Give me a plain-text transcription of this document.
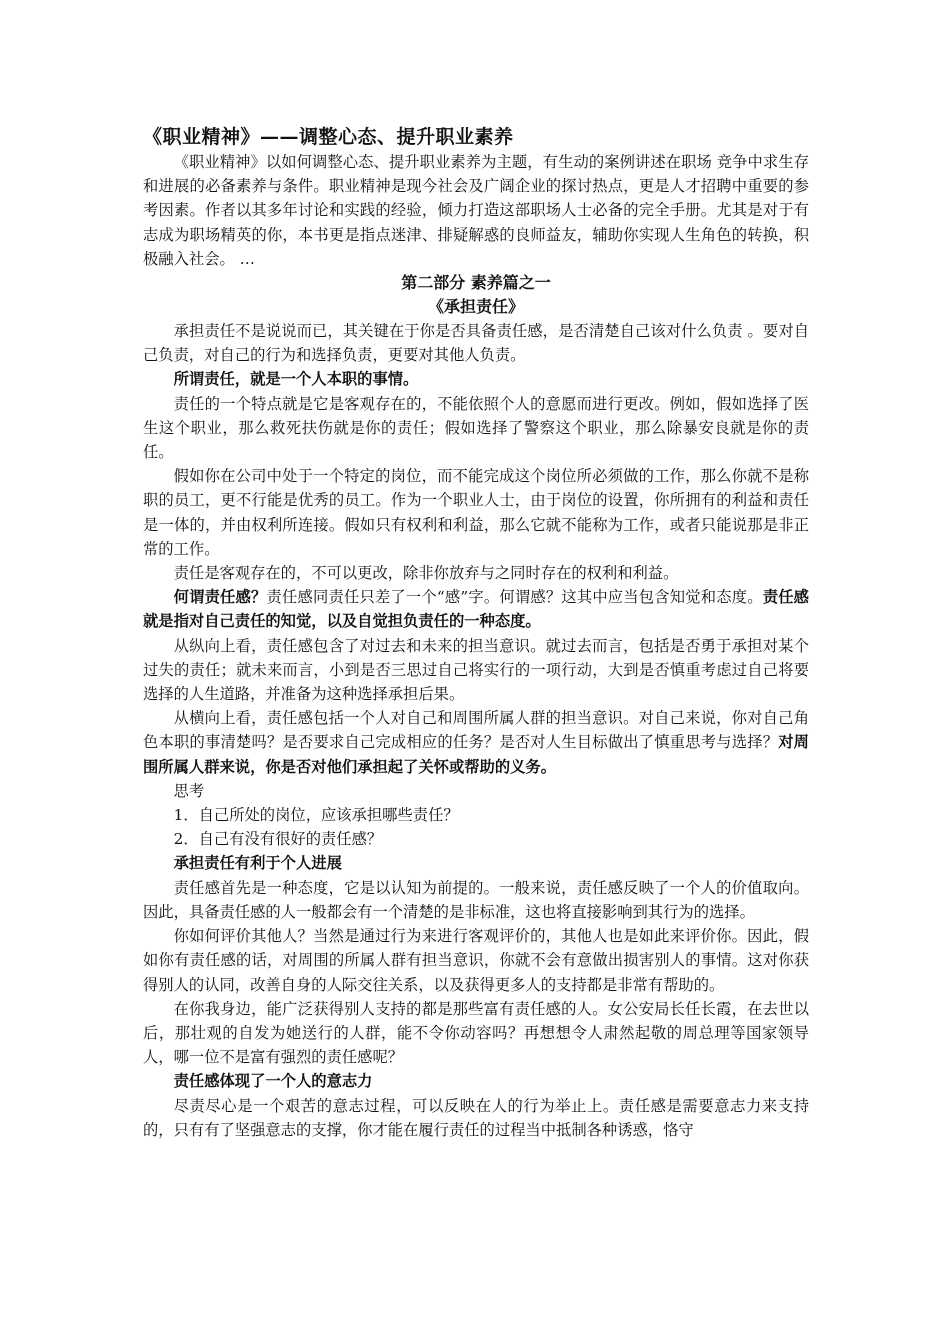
《职业精神》——调整心态、提升职业素养

《职业精神》以如何调整心态、提升职业素养为主题，有生动的案例讲述在职场 竞争中求生存和进展的必备素养与条件。职业精神是现今社会及广阔企业的探讨热点，更是人才招聘中重要的参考因素。作者以其多年讨论和实践的经验，倾力打造这部职场人士必备的完全手册。尤其是对于有志成为职场精英的你，本书更是指点迷津、排疑解惑的良师益友，辅助你实现人生角色的转换，积极融入社会。 …

第二部分 素养篇之一

《承担责任》

承担责任不是说说而已，其关键在于你是否具备责任感，是否清楚自己该对什么负责 。要对自己负责，对自己的行为和选择负责，更要对其他人负责。

所谓责任，就是一个人本职的事情。

责任的一个特点就是它是客观存在的，不能依照个人的意愿而进行更改。例如，假如选择了医生这个职业，那么救死扶伤就是你的责任；假如选择了警察这个职业，那么除暴安良就是你的责任。

假如你在公司中处于一个特定的岗位，而不能完成这个岗位所必须做的工作，那么你就不是称职的员工，更不行能是优秀的员工。作为一个职业人士，由于岗位的设置，你所拥有的利益和责任是一体的，并由权利所连接。假如只有权利和利益，那么它就不能称为工作，或者只能说那是非正常的工作。

责任是客观存在的，不可以更改，除非你放弃与之同时存在的权利和利益。

何谓责任感？责任感同责任只差了一个“感”字。何谓感？这其中应当包含知觉和态度。责任感就是指对自己责任的知觉，以及自觉担负责任的一种态度。

从纵向上看，责任感包含了对过去和未来的担当意识。就过去而言，包括是否勇于承担对某个过失的责任；就未来而言，小到是否三思过自己将实行的一项行动，大到是否慎重考虑过自己将要选择的人生道路，并准备为这种选择承担后果。

从横向上看，责任感包括一个人对自己和周围所属人群的担当意识。对自己来说，你对自己角色本职的事清楚吗？是否要求自己完成相应的任务？是否对人生目标做出了慎重思考与选择？对周围所属人群来说，你是否对他们承担起了关怀或帮助的义务。

思考

1．自己所处的岗位，应该承担哪些责任？

2．自己有没有很好的责任感？

承担责任有利于个人进展

责任感首先是一种态度，它是以认知为前提的。一般来说，责任感反映了一个人的价值取向。因此，具备责任感的人一般都会有一个清楚的是非标准，这也将直接影响到其行为的选择。

你如何评价其他人？当然是通过行为来进行客观评价的，其他人也是如此来评价你。因此，假如你有责任感的话，对周围的所属人群有担当意识，你就不会有意做出损害别人的事情。这对你获得别人的认同，改善自身的人际交往关系，以及获得更多人的支持都是非常有帮助的。

在你我身边，能广泛获得别人支持的都是那些富有责任感的人。女公安局长任长霞，在去世以后，那壮观的自发为她送行的人群，能不令你动容吗？再想想令人肃然起敬的周总理等国家领导人，哪一位不是富有强烈的责任感呢？

责任感体现了一个人的意志力

尽责尽心是一个艰苦的意志过程，可以反映在人的行为举止上。责任感是需要意志力来支持的，只有有了坚强意志的支撑，你才能在履行责任的过程当中抵制各种诱惑，恪守
